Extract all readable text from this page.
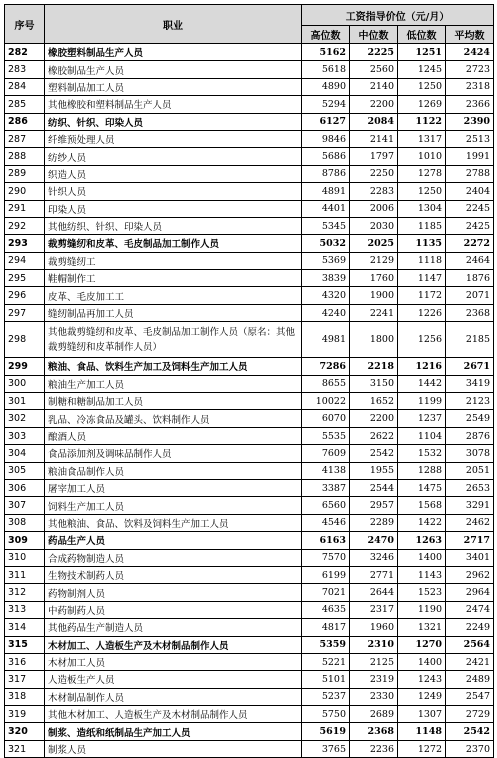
序号	职业	工资指导价位（元/月）			
		高位数	中位数	低位数	平均数
282	橡胶塑料制品生产人员	5162	2225	1251	2424
283	橡胶制品生产人员	5618	2560	1245	2723
284	塑料制品加工人员	4890	2140	1250	2318
285	其他橡胶和塑料制品生产人员	5294	2200	1269	2366
286	纺织、针织、印染人员	6127	2084	1122	2390
287	纤维预处理人员	9846	2141	1317	2513
288	纺纱人员	5686	1797	1010	1991
289	织造人员	8786	2250	1278	2788
290	针织人员	4891	2283	1250	2404
291	印染人员	4401	2006	1304	2245
292	其他纺织、针织、印染人员	5345	2030	1185	2425
293	裁剪缝纫和皮革、毛皮制品加工制作人员	5032	2025	1135	2272
294	裁剪缝纫工	5369	2129	1118	2464
295	鞋帽制作工	3839	1760	1147	1876
296	皮革、毛皮加工工	4320	1900	1172	2071
297	缝纫制品再加工人员	4240	2241	1226	2368
298	其他裁剪缝纫和皮革、毛皮制品加工制作人员（原名：其他裁剪缝纫和皮革制作人员）	4981	1800	1256	2185
299	粮油、食品、饮料生产加工及饲料生产加工人员	7286	2218	1216	2671
300	粮油生产加工人员	8655	3150	1442	3419
301	制糖和糖制品加工人员	10022	1652	1199	2123
302	乳品、冷冻食品及罐头、饮料制作人员	6070	2200	1237	2549
303	酿酒人员	5535	2622	1104	2876
304	食品添加剂及调味品制作人员	7609	2542	1532	3078
305	粮油食品制作人员	4138	1955	1288	2051
306	屠宰加工人员	3387	2544	1475	2653
307	饲料生产加工人员	6560	2957	1568	3291
308	其他粮油、食品、饮料及饲料生产加工人员	4546	2289	1422	2462
309	药品生产人员	6163	2470	1263	2717
310	合成药物制造人员	7570	3246	1400	3401
311	生物技术制药人员	6199	2771	1143	2962
312	药物制剂人员	7021	2644	1523	2964
313	中药制药人员	4635	2317	1190	2474
314	其他药品生产制造人员	4817	1960	1321	2249
315	木材加工、人造板生产及木材制品制作人员	5359	2310	1270	2564
316	木材加工人员	5221	2125	1400	2421
317	人造板生产人员	5101	2319	1243	2489
318	木材制品制作人员	5237	2330	1249	2547
319	其他木材加工、人造板生产及木材制品制作人员	5750	2689	1307	2729
320	制浆、造纸和纸制品生产加工人员	5619	2368	1148	2542
321	制浆人员	3765	2236	1272	2370
